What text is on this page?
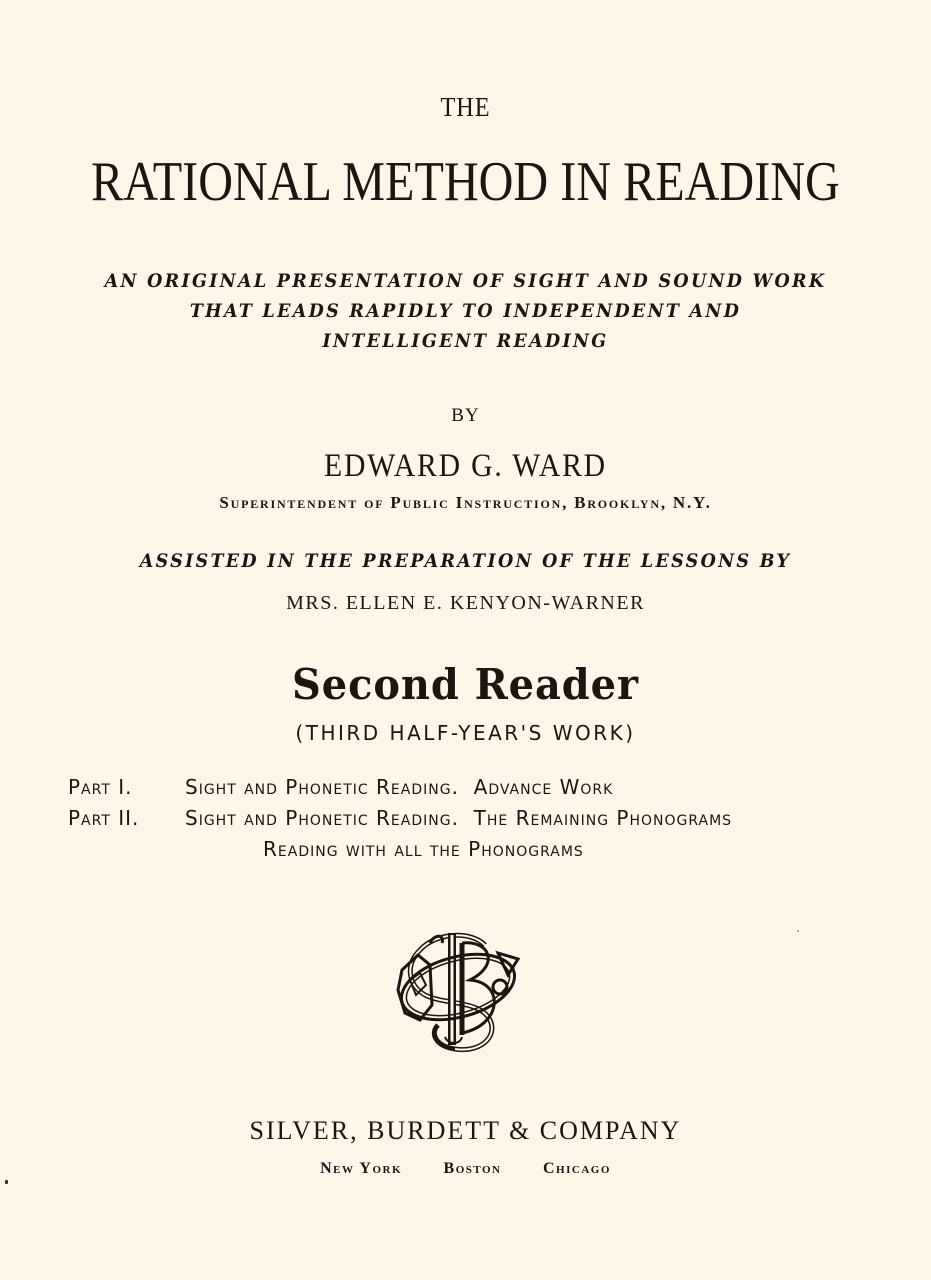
THE
RATIONAL METHOD IN READING
AN ORIGINAL PRESENTATION OF SIGHT AND SOUND WORK
THAT LEADS RAPIDLY TO INDEPENDENT AND
INTELLIGENT READING
BY
EDWARD G. WARD
Superintendent of Public Instruction, Brooklyn, N.Y.
ASSISTED IN THE PREPARATION OF THE LESSONS BY
MRS. ELLEN E. KENYON-WARNER
Second Reader
(THIRD HALF-YEAR'S WORK)
Part I.	Sight and Phonetic Reading.  Advance Work
Part II.	Sight and Phonetic Reading.  The Remaining Phonograms
Reading with all the Phonograms
SILVER, BURDETT & COMPANY
New York	Boston	Chicago
